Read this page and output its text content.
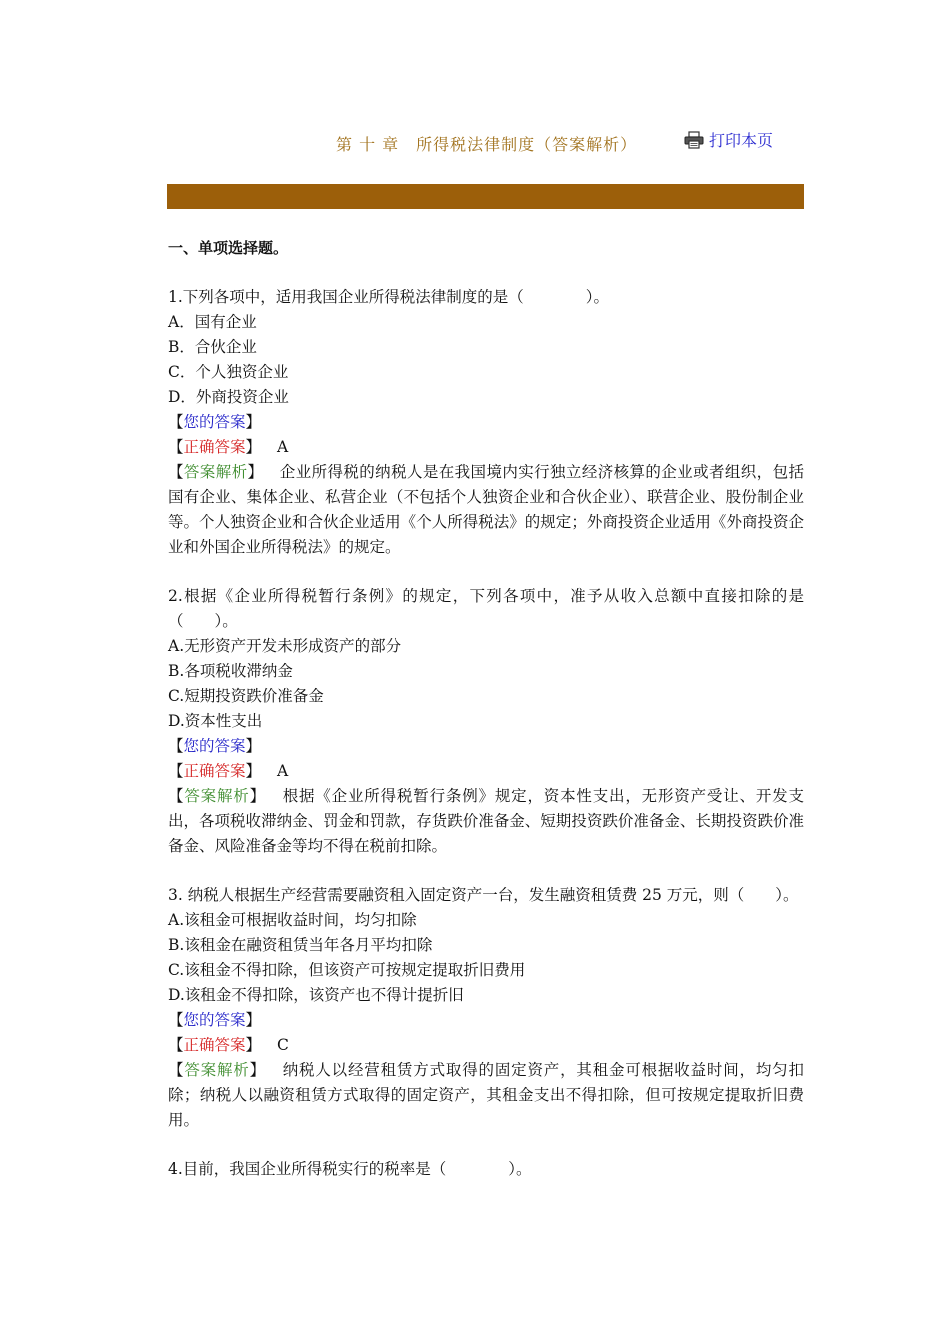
第 十 章　所得税法律制度（答案解析）	打印本页
一、单项选择题。
1.下列各项中，适用我国企业所得税法律制度的是（　　　　）。
A．国有企业
B．合伙企业
C．个人独资企业
D．外商投资企业
【您的答案】
【正确答案】 A
【答案解析】 企业所得税的纳税人是在我国境内实行独立经济核算的企业或者组织，包括国有企业、集体企业、私营企业（不包括个人独资企业和合伙企业）、联营企业、股份制企业等。个人独资企业和合伙企业适用《个人所得税法》的规定；外商投资企业适用《外商投资企业和外国企业所得税法》的规定。
2.根据《企业所得税暂行条例》的规定，下列各项中，准予从收入总额中直接扣除的是（　　）。
A.无形资产开发未形成资产的部分
B.各项税收滞纳金
C.短期投资跌价准备金
D.资本性支出
【您的答案】
【正确答案】 A
【答案解析】 根据《企业所得税暂行条例》规定，资本性支出，无形资产受让、开发支出，各项税收滞纳金、罚金和罚款，存货跌价准备金、短期投资跌价准备金、长期投资跌价准备金、风险准备金等均不得在税前扣除。
3. 纳税人根据生产经营需要融资租入固定资产一台，发生融资租赁费 25 万元，则（　　）。
A.该租金可根据收益时间，均匀扣除
B.该租金在融资租赁当年各月平均扣除
C.该租金不得扣除，但该资产可按规定提取折旧费用
D.该租金不得扣除，该资产也不得计提折旧
【您的答案】
【正确答案】 C
【答案解析】 纳税人以经营租赁方式取得的固定资产，其租金可根据收益时间，均匀扣除；纳税人以融资租赁方式取得的固定资产，其租金支出不得扣除，但可按规定提取折旧费用。
4.目前，我国企业所得税实行的税率是（　　　　）。
